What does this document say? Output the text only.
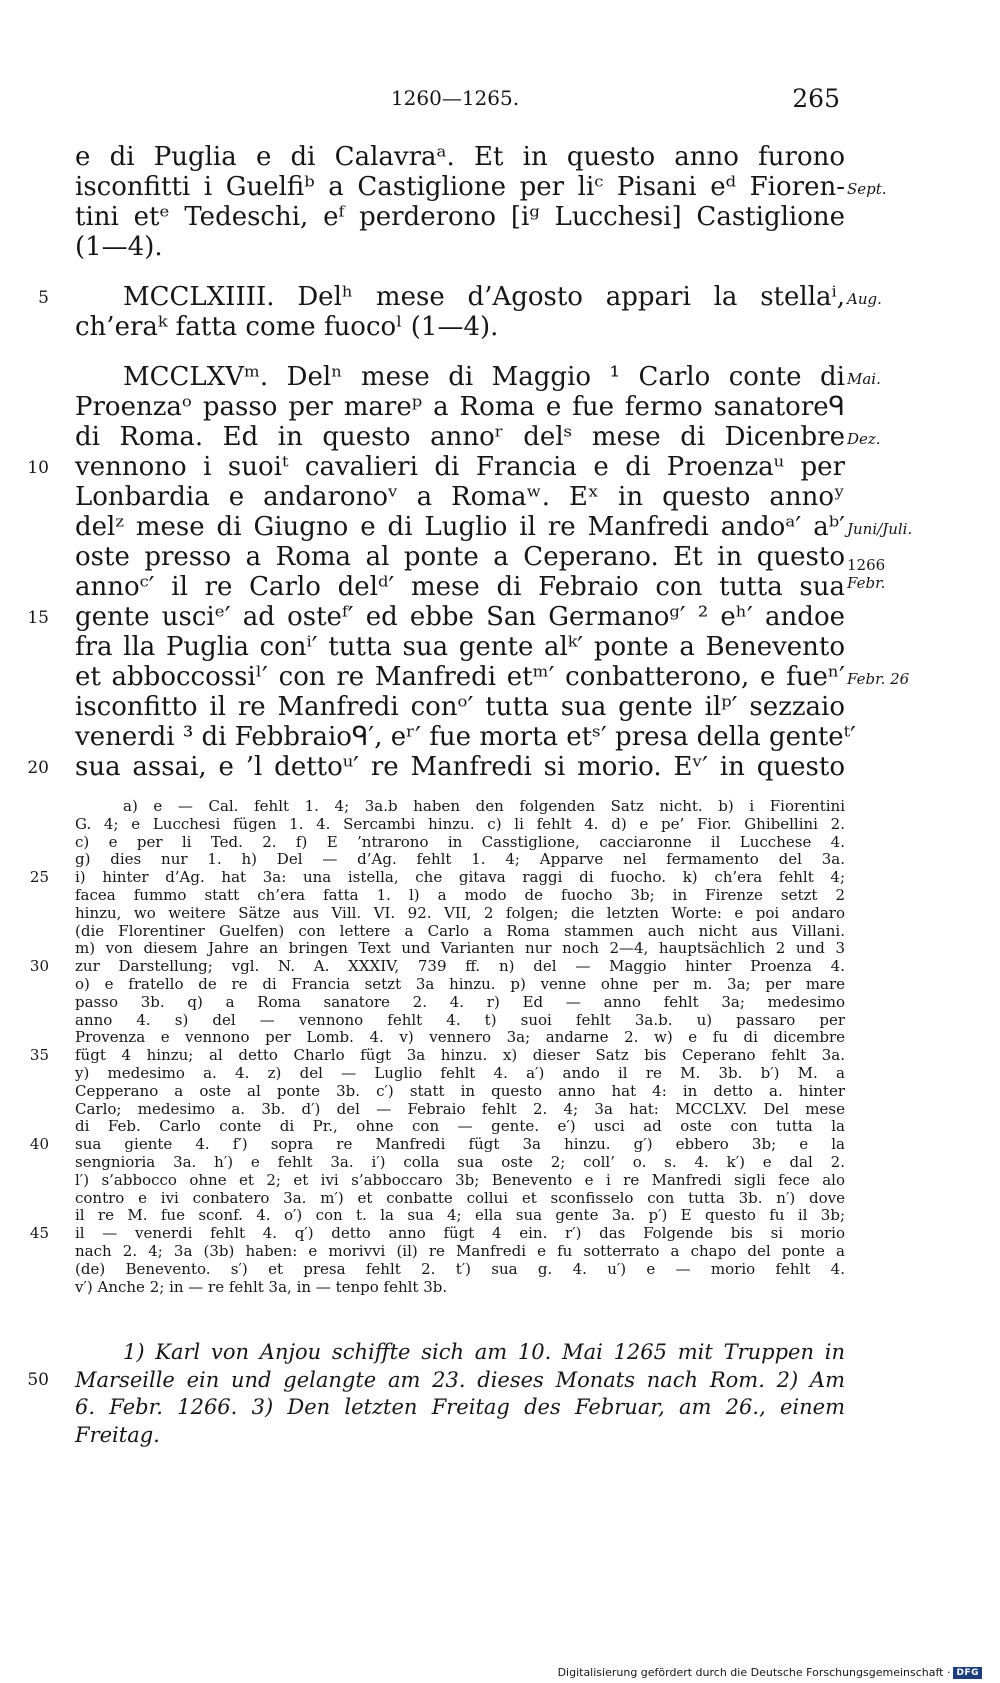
1260—1265.	265
e di Puglia e di Calavraᵃ. Et in questo anno furono
isconfitti i Guelfiᵇ a Castiglione per liᶜ Pisani eᵈ Fioren- Sept.
tini etᵉ Tedeschi, eᶠ perderono [iᵍ Lucchesi] Castiglione
(1—4).
5	MCCLXIIII. Delʰ mese d’Agosto appari la stellaⁱ, Aug.
ch’eraᵏ fatta come fuocoˡ (1—4).
MCCLXVᵐ. Delⁿ mese di Maggio ¹ Carlo conte di Mai.
Proenzaᵒ passo per mareᵖ a Roma e fue fermo sanatoreᑫ
di Roma. Ed in questo annoʳ delˢ mese di Dicenbre Dez.
10 vennono i suoiᵗ cavalieri di Francia e di Proenzaᵘ per
Lonbardia e andaronoᵛ a Romaʷ. Eˣ in questo annoʸ
delᶻ mese di Giugno e di Luglio il re Manfredi andoᵃ′ aᵇ′ Juni/Juli.
oste presso a Roma al ponte a Ceperano. Et in questo
annoᶜ′ il re Carlo delᵈ′ mese di Febraio con tutta sua
1266
Febr.
15 gente usciᵉ′ ad osteᶠ′ ed ebbe San Germanoᵍ′ ² eʰ′ andoe
fra lla Puglia conⁱ′ tutta sua gente alᵏ′ ponte a Benevento
et abboccossiˡ′ con re Manfredi etᵐ′ conbatterono, e fueⁿ′ Febr. 26
isconfitto il re Manfredi conᵒ′ tutta sua gente ilᵖ′ sezzaio
venerdi ³ di Febbraioᑫ′, eʳ′ fue morta etˢ′ presa della genteᵗ′
20 sua assai, e ’l dettoᵘ′ re Manfredi si morio. Eᵛ′ in questo
a) e — Cal. fehlt 1. 4; 3a.b haben den folgenden Satz nicht. b) i Fiorentini
G. 4; e Lucchesi fügen 1. 4. Sercambi hinzu. c) li fehlt 4. d) e pe’ Fior. Ghibellini 2.
c) e per li Ted. 2. f) E ’ntrarono in Casstiglione, cacciaronne il Lucchese 4.
g) dies nur 1. h) Del — d’Ag. fehlt 1. 4; Apparve nel fermamento del 3a.
25 i) hinter d’Ag. hat 3a: una istella, che gitava raggi di fuocho. k) ch’era fehlt 4;
facea fummo statt ch’era fatta 1. l) a modo de fuocho 3b; in Firenze setzt 2
hinzu, wo weitere Sätze aus Vill. VI. 92. VII, 2 folgen; die letzten Worte: e poi andaro
(die Florentiner Guelfen) con lettere a Carlo a Roma stammen auch nicht aus Villani.
m) von diesem Jahre an bringen Text und Varianten nur noch 2—4, hauptsächlich 2 und 3
30 zur Darstellung; vgl. N. A. XXXIV, 739 ff. n) del — Maggio hinter Proenza 4.
o) e fratello de re di Francia setzt 3a hinzu. p) venne ohne per m. 3a; per mare
passo 3b. q) a Roma sanatore 2. 4. r) Ed — anno fehlt 3a; medesimo
anno 4. s) del — vennono fehlt 4. t) suoi fehlt 3a.b. u) passaro per
Provenza e vennono per Lomb. 4. v) vennero 3a; andarne 2. w) e fu di dicembre
35 fügt 4 hinzu; al detto Charlo fügt 3a hinzu. x) dieser Satz bis Ceperano fehlt 3a.
y) medesimo a. 4. z) del — Luglio fehlt 4. a′) ando il re M. 3b. b′) M. a
Cepperano a oste al ponte 3b. c′) statt in questo anno hat 4: in detto a. hinter
Carlo; medesimo a. 3b. d′) del — Febraio fehlt 2. 4; 3a hat: MCCLXV. Del mese
di Feb. Carlo conte di Pr., ohne con — gente. e′) usci ad oste con tutta la
40 sua giente 4. f′) sopra re Manfredi fügt 3a hinzu. g′) ebbero 3b; e la
sengnioria 3a. h′) e fehlt 3a. i′) colla sua oste 2; coll’ o. s. 4. k′) e dal 2.
l′) s’abbocco ohne et 2; et ivi s’abboccaro 3b; Benevento e i re Manfredi sigli fece alo
contro e ivi conbatero 3a. m′) et conbatte collui et sconfisselo con tutta 3b. n′) dove
il re M. fue sconf. 4. o′) con t. la sua 4; ella sua gente 3a. p′) E questo fu il 3b;
45 il — venerdi fehlt 4. q′) detto anno fügt 4 ein. r′) das Folgende bis si morio
nach 2. 4; 3a (3b) haben: e morivvi (il) re Manfredi e fu sotterrato a chapo del ponte a
(de) Benevento. s′) et presa fehlt 2. t′) sua g. 4. u′) e — morio fehlt 4.
v′) Anche 2; in — re fehlt 3a, in — tenpo fehlt 3b.
1) Karl von Anjou schiffte sich am 10. Mai 1265 mit Truppen in
50 Marseille ein und gelangte am 23. dieses Monats nach Rom. 2) Am
6. Febr. 1266. 3) Den letzten Freitag des Februar, am 26., einem
Freitag.
Digitalisierung gefördert durch die Deutsche Forschungsgemeinschaft · DFG
